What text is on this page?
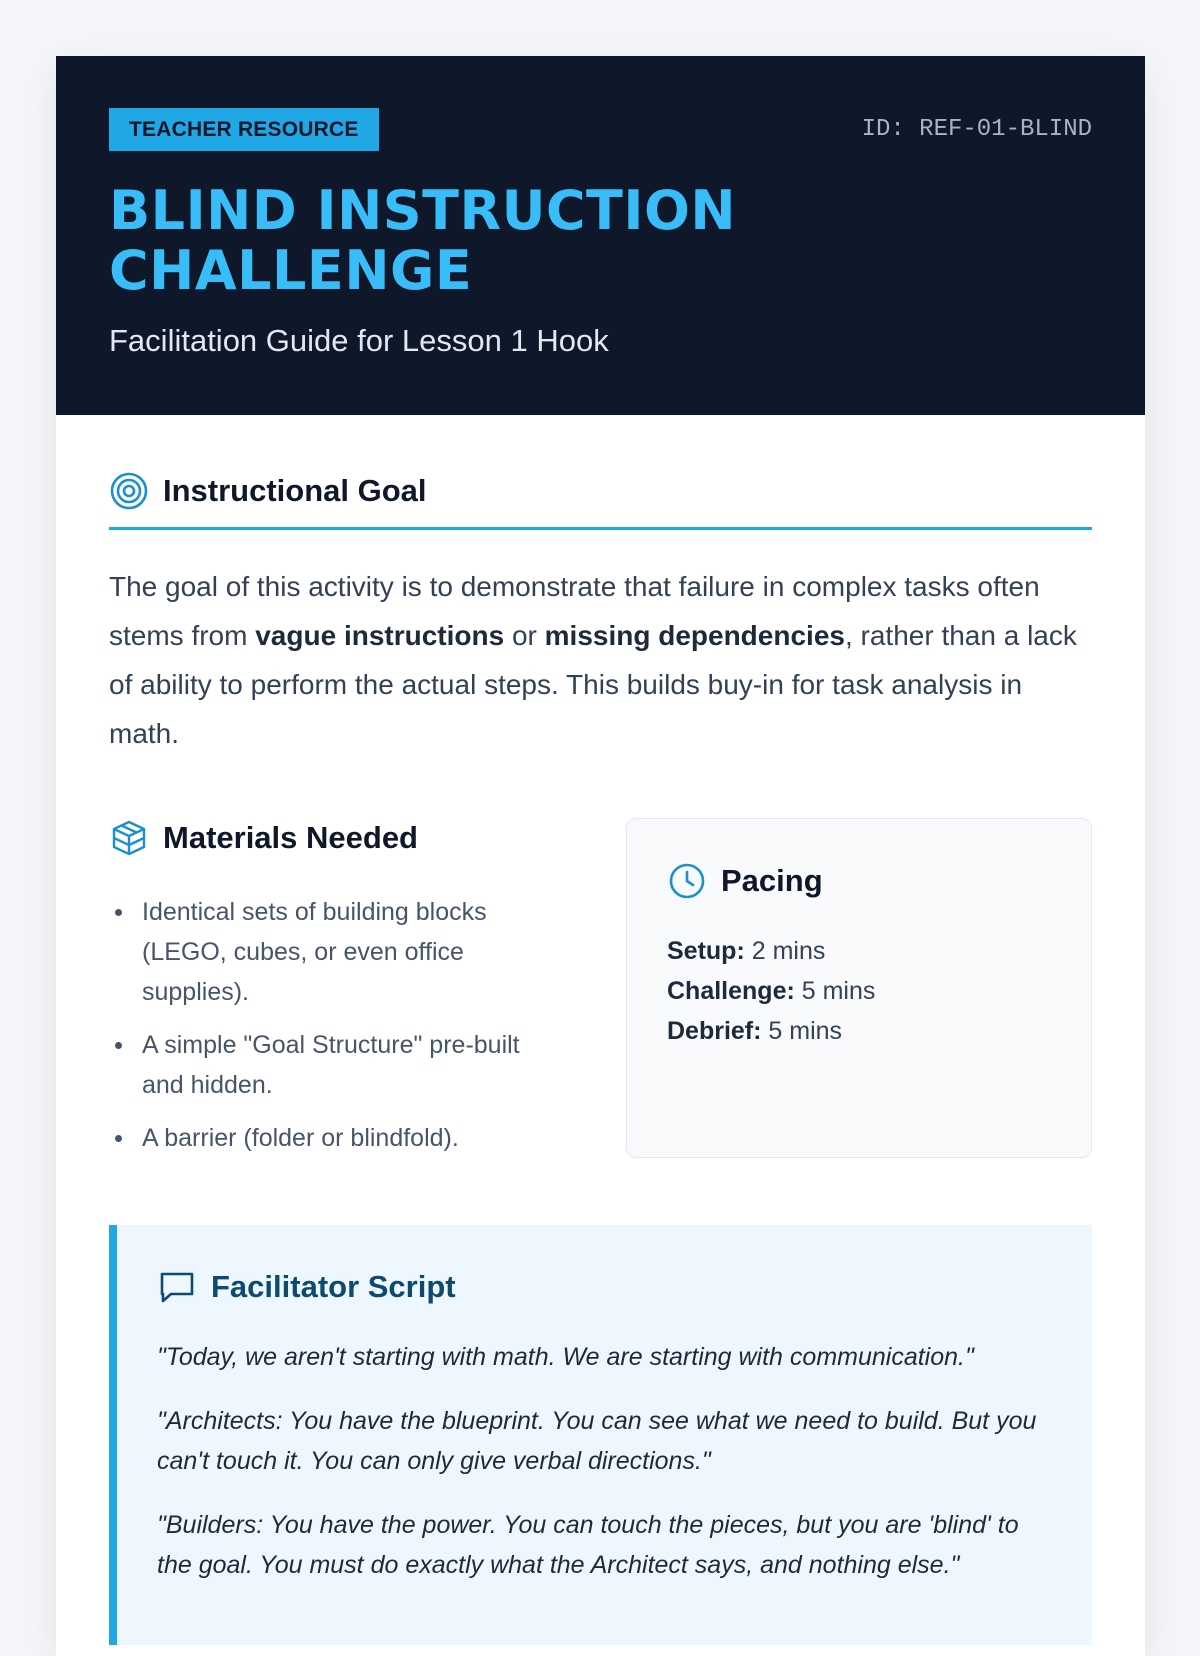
TEACHER RESOURCE	ID: REF-01-BLIND
BLIND INSTRUCTION CHALLENGE
Facilitation Guide for Lesson 1 Hook
Instructional Goal

The goal of this activity is to demonstrate that failure in complex tasks often stems from vague instructions or missing dependencies, rather than a lack of ability to perform the actual steps. This builds buy-in for task analysis in math.

Materials Needed
Identical sets of building blocks (LEGO, cubes, or even office supplies).
A simple "Goal Structure" pre-built and hidden.
A barrier (folder or blindfold).
Pacing
Setup: 2 mins
Challenge: 5 mins
Debrief: 5 mins
Facilitator Script

"Today, we aren't starting with math. We are starting with communication."

"Architects: You have the blueprint. You can see what we need to build. But you can't touch it. You can only give verbal directions."

"Builders: You have the power. You can touch the pieces, but you are 'blind' to the goal. You must do exactly what the Architect says, and nothing else."
